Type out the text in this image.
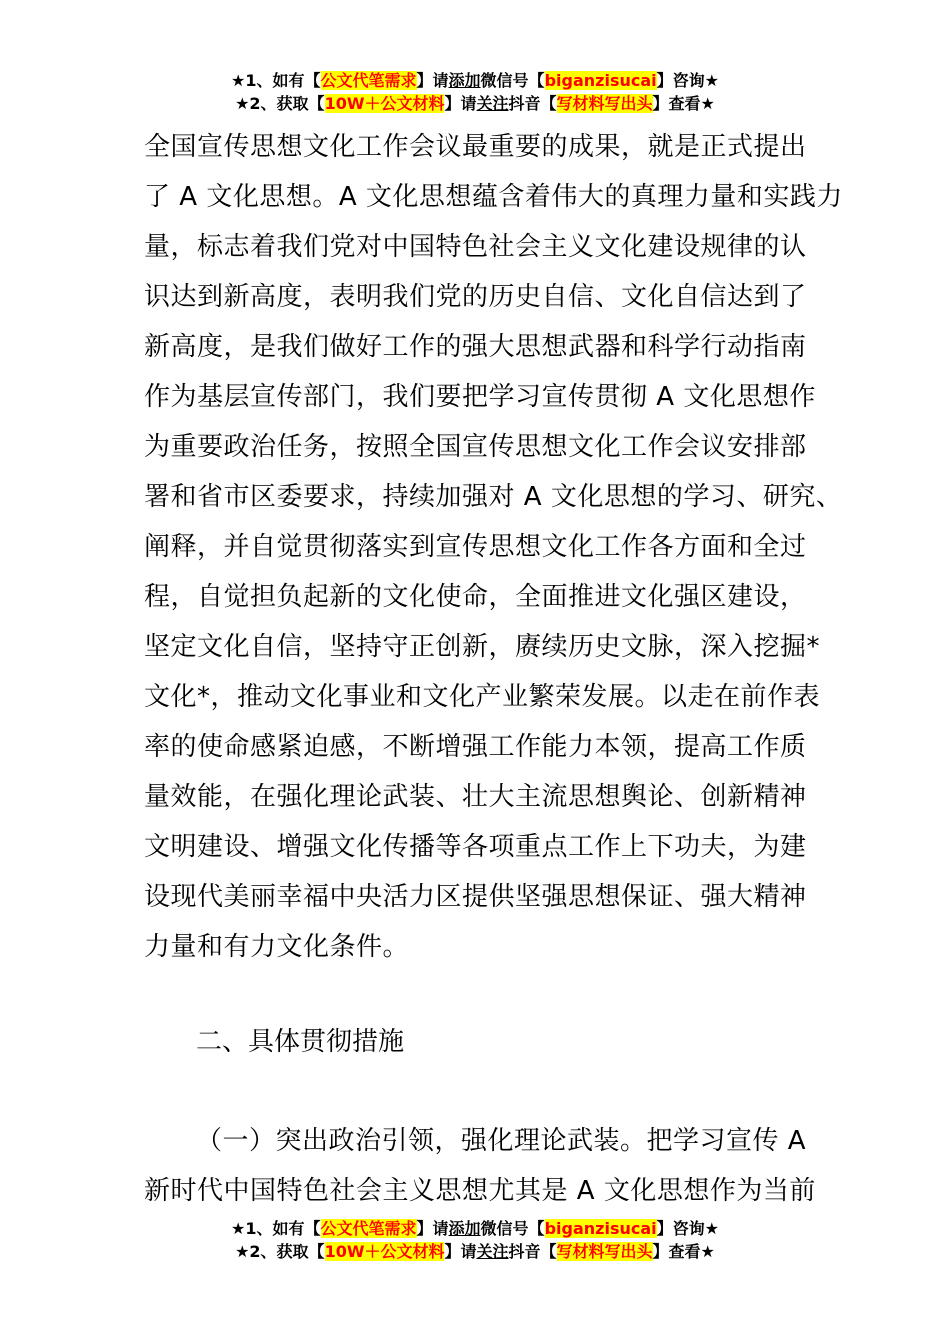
★1、如有【公文代笔需求】请添加微信号【biganzisucai】咨询★
★2、获取【10W＋公文材料】请关注抖音【写材料写出头】查看★
全国宣传思想文化工作会议最重要的成果，就是正式提出
了 A 文化思想。A 文化思想蕴含着伟大的真理力量和实践力
量，标志着我们党对中国特色社会主义文化建设规律的认
识达到新高度，表明我们党的历史自信、文化自信达到了
新高度，是我们做好工作的强大思想武器和科学行动指南
作为基层宣传部门，我们要把学习宣传贯彻 A 文化思想作
为重要政治任务，按照全国宣传思想文化工作会议安排部
署和省市区委要求，持续加强对 A 文化思想的学习、研究、
阐释，并自觉贯彻落实到宣传思想文化工作各方面和全过
程，自觉担负起新的文化使命，全面推进文化强区建设，
坚定文化自信，坚持守正创新，赓续历史文脉，深入挖掘*
文化*，推动文化事业和文化产业繁荣发展。以走在前作表
率的使命感紧迫感，不断增强工作能力本领，提高工作质
量效能，在强化理论武装、壮大主流思想舆论、创新精神
文明建设、增强文化传播等各项重点工作上下功夫，为建
设现代美丽幸福中央活力区提供坚强思想保证、强大精神
力量和有力文化条件。
二、具体贯彻措施
（一）突出政治引领，强化理论武装。把学习宣传 A
新时代中国特色社会主义思想尤其是 A 文化思想作为当前
★1、如有【公文代笔需求】请添加微信号【biganzisucai】咨询★
★2、获取【10W＋公文材料】请关注抖音【写材料写出头】查看★
